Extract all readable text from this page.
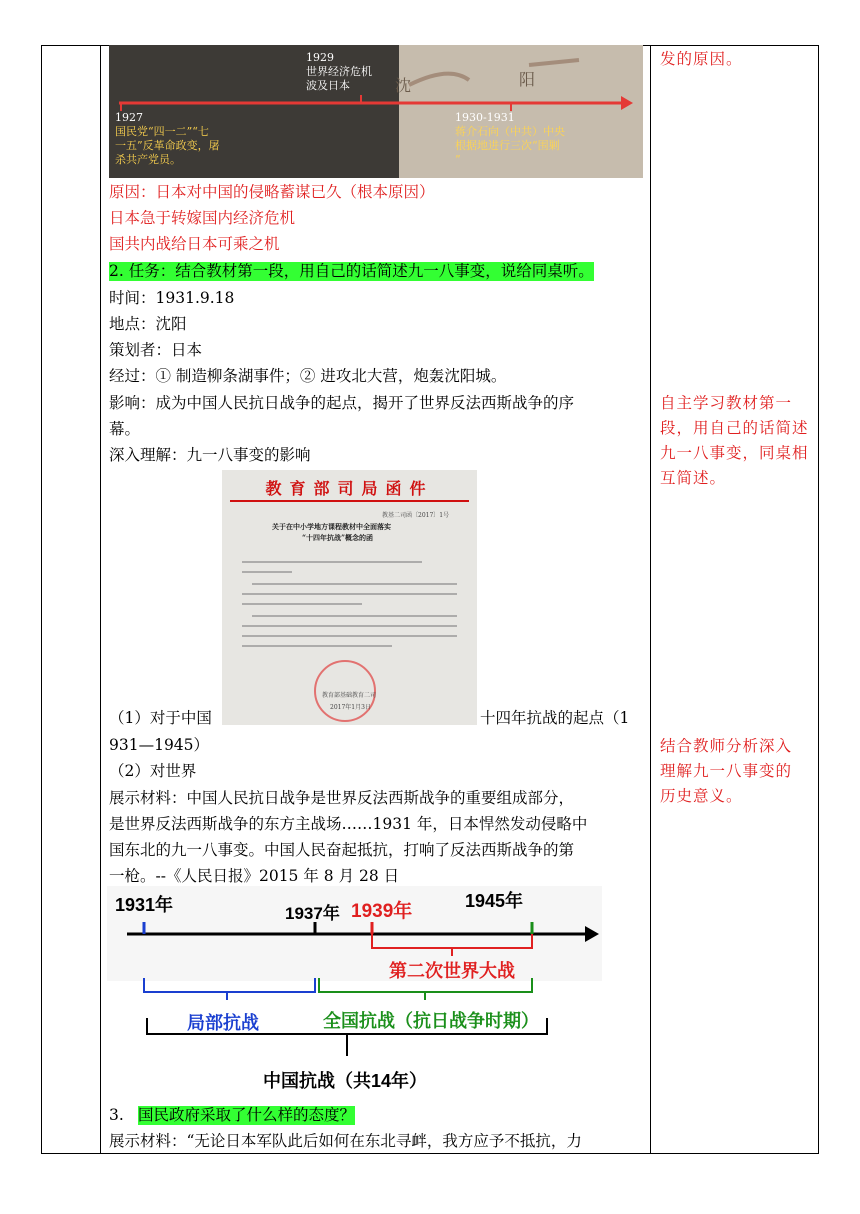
1929
世界经济危机
波及日本	沈	阳
1927
国民党“四一二”“七
一五”反革命政变，屠
杀共产党员。
1930-1931
蒋介石向（中共）中央
根据地进行三次“围剿
”
原因：日本对中国的侵略蓄谋已久（根本原因）
日本急于转嫁国内经济危机
国共内战给日本可乘之机
2. 任务：结合教材第一段，用自己的话简述九一八事变，说给同桌听。
时间：1931.9.18
地点：沈阳
策划者：日本
经过：① 制造柳条湖事件；② 进攻北大营，炮轰沈阳城。
影响：成为中国人民抗日战争的起点，揭开了世界反法西斯战争的序
幕。
深入理解：九一八事变的影响
教育部司局函件
教基二司函〔2017〕1号
关于在中小学地方课程教材中全面落实
“十四年抗战”概念的函
教育部基础教育二司
2017年1月3日
（1）对于中国	十四年抗战的起点（1
931—1945）
（2）对世界
展示材料：中国人民抗日战争是世界反法西斯战争的重要组成部分，
是世界反法西斯战争的东方主战场……1931 年，日本悍然发动侵略中
国东北的九一八事变。中国人民奋起抵抗，打响了反法西斯战争的第
一枪。--《人民日报》2015 年 8 月 28 日
1931年	1937年 1939年	1945年
第二次世界大战
局部抗战	全国抗战（抗日战争时期）
中国抗战（共14年）
3. 国民政府采取了什么样的态度？
展示材料：“无论日本军队此后如何在东北寻衅，我方应予不抵抗，力
发的原因。
自主学习教材第一
段，用自己的话简述
九一八事变，同桌相
互简述。
结合教师分析深入
理解九一八事变的
历史意义。
